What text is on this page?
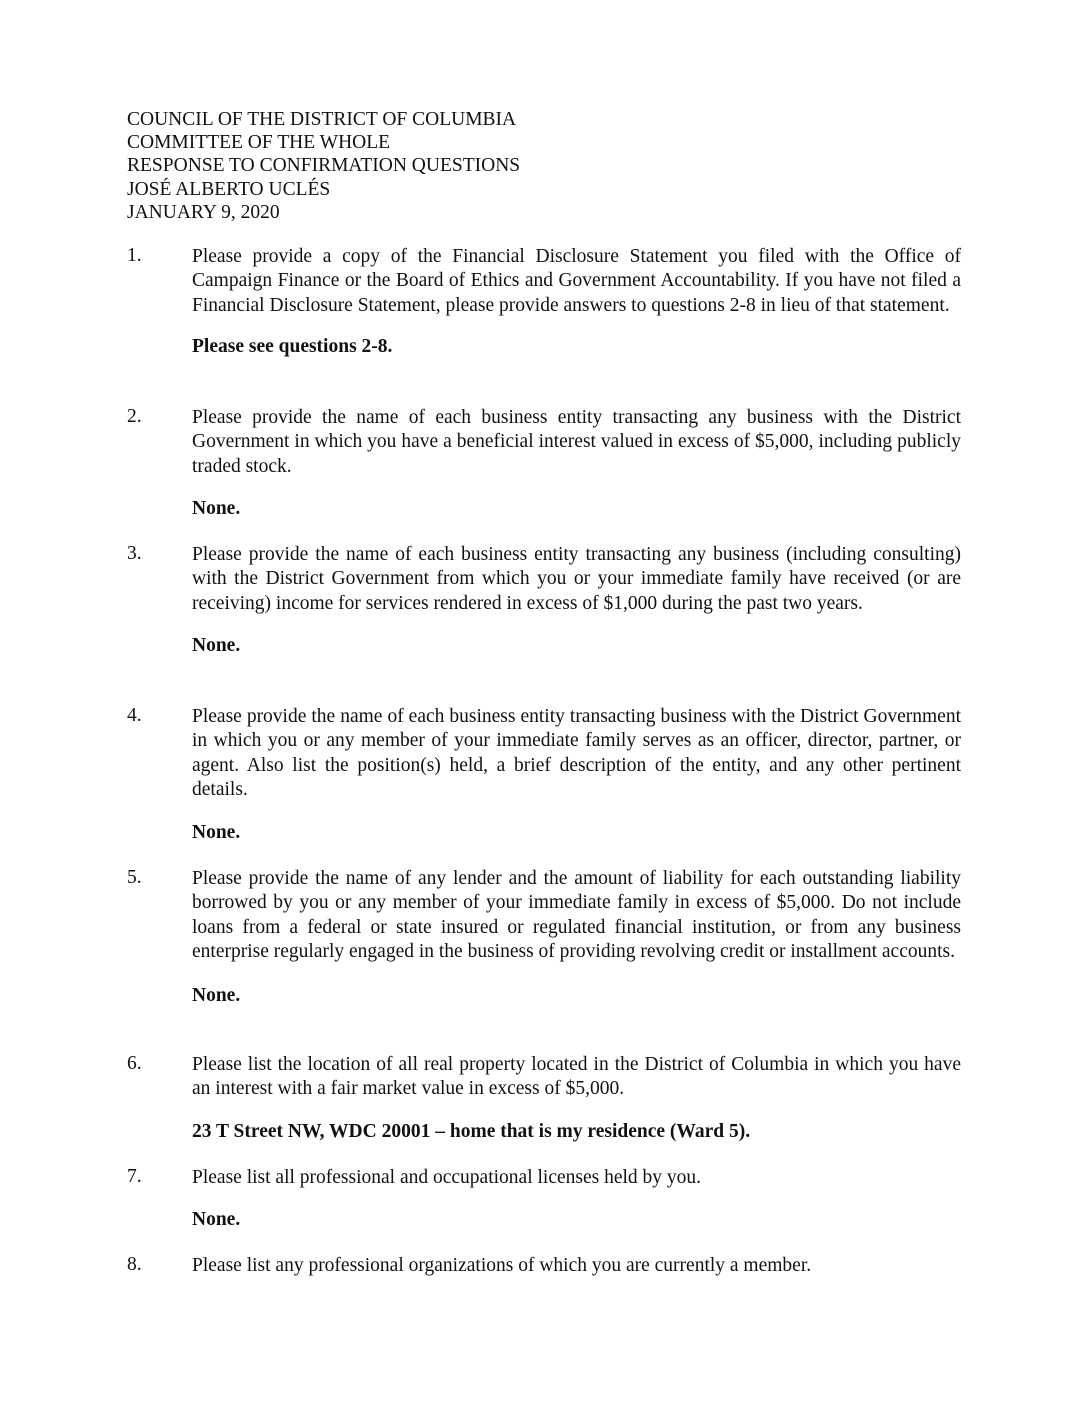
COUNCIL OF THE DISTRICT OF COLUMBIA
COMMITTEE OF THE WHOLE
RESPONSE TO CONFIRMATION QUESTIONS
JOSÉ ALBERTO UCLÉS
JANUARY 9, 2020
1.	Please provide a copy of the Financial Disclosure Statement you filed with the Office of Campaign Finance or the Board of Ethics and Government Accountability. If you have not filed a Financial Disclosure Statement, please provide answers to questions 2-8 in lieu of that statement.
Please see questions 2-8.
2.	Please provide the name of each business entity transacting any business with the District Government in which you have a beneficial interest valued in excess of $5,000, including publicly traded stock.
None.
3.	Please provide the name of each business entity transacting any business (including consulting) with the District Government from which you or your immediate family have received (or are receiving) income for services rendered in excess of $1,000 during the past two years.
None.
4.	Please provide the name of each business entity transacting business with the District Government in which you or any member of your immediate family serves as an officer, director, partner, or agent. Also list the position(s) held, a brief description of the entity, and any other pertinent details.
None.
5.	Please provide the name of any lender and the amount of liability for each outstanding liability borrowed by you or any member of your immediate family in excess of $5,000. Do not include loans from a federal or state insured or regulated financial institution, or from any business enterprise regularly engaged in the business of providing revolving credit or installment accounts.
None.
6.	Please list the location of all real property located in the District of Columbia in which you have an interest with a fair market value in excess of $5,000.
23 T Street NW, WDC 20001 – home that is my residence (Ward 5).
7.	Please list all professional and occupational licenses held by you.
None.
8.	Please list any professional organizations of which you are currently a member.
